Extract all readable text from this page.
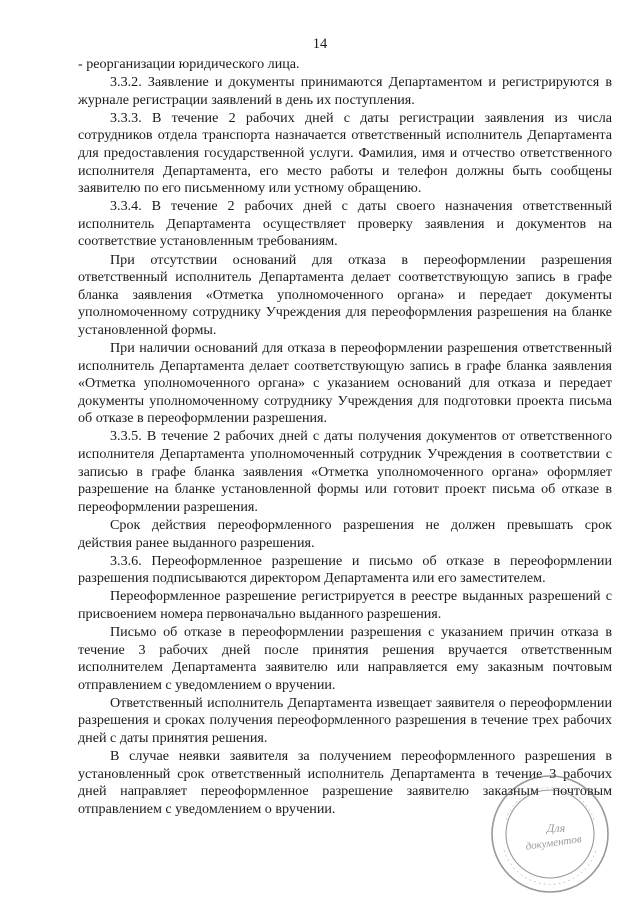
14

- реорганизации юридического лица.

3.3.2. Заявление и документы принимаются Департаментом и регистрируются в журнале регистрации заявлений в день их поступления.

3.3.3. В течение 2 рабочих дней с даты регистрации заявления из числа сотрудников отдела транспорта назначается ответственный исполнитель Департамента для предоставления государственной услуги. Фамилия, имя и отчество ответственного исполнителя Департамента, его место работы и телефон должны быть сообщены заявителю по его письменному или устному обращению.

3.3.4. В течение 2 рабочих дней с даты своего назначения ответственный исполнитель Департамента осуществляет проверку заявления и документов на соответствие установленным требованиям.

При отсутствии оснований для отказа в переоформлении разрешения ответственный исполнитель Департамента делает соответствующую запись в графе бланка заявления «Отметка уполномоченного органа» и передает документы уполномоченному сотруднику Учреждения для переоформления разрешения на бланке установленной формы.

При наличии оснований для отказа в переоформлении разрешения ответственный исполнитель Департамента делает соответствующую запись в графе бланка заявления «Отметка уполномоченного органа» с указанием оснований для отказа и передает документы уполномоченному сотруднику Учреждения для подготовки проекта письма об отказе в переоформлении разрешения.

3.3.5. В течение 2 рабочих дней с даты получения документов от ответственного исполнителя Департамента уполномоченный сотрудник Учреждения в соответствии с записью в графе бланка заявления «Отметка уполномоченного органа» оформляет разрешение на бланке установленной формы или готовит проект письма об отказе в переоформлении разрешения.

Срок действия переоформленного разрешения не должен превышать срок действия ранее выданного разрешения.

3.3.6. Переоформленное разрешение и письмо об отказе в переоформлении разрешения подписываются директором Департамента или его заместителем.

Переоформленное разрешение регистрируется в реестре выданных разрешений с присвоением номера первоначально выданного разрешения.

Письмо об отказе в переоформлении разрешения с указанием причин отказа в течение 3 рабочих дней после принятия решения вручается ответственным исполнителем Департамента заявителю или направляется ему заказным почтовым отправлением с уведомлением о вручении.

Ответственный исполнитель Департамента извещает заявителя о переоформлении разрешения и сроках получения переоформленного разрешения в течение трех рабочих дней с даты принятия решения.

В случае неявки заявителя за получением переоформленного разрешения в установленный срок ответственный исполнитель Департамента в течение 3 рабочих дней направляет переоформленное разрешение заявителю заказным почтовым отправлением с уведомлением о вручении.

Для
документов
